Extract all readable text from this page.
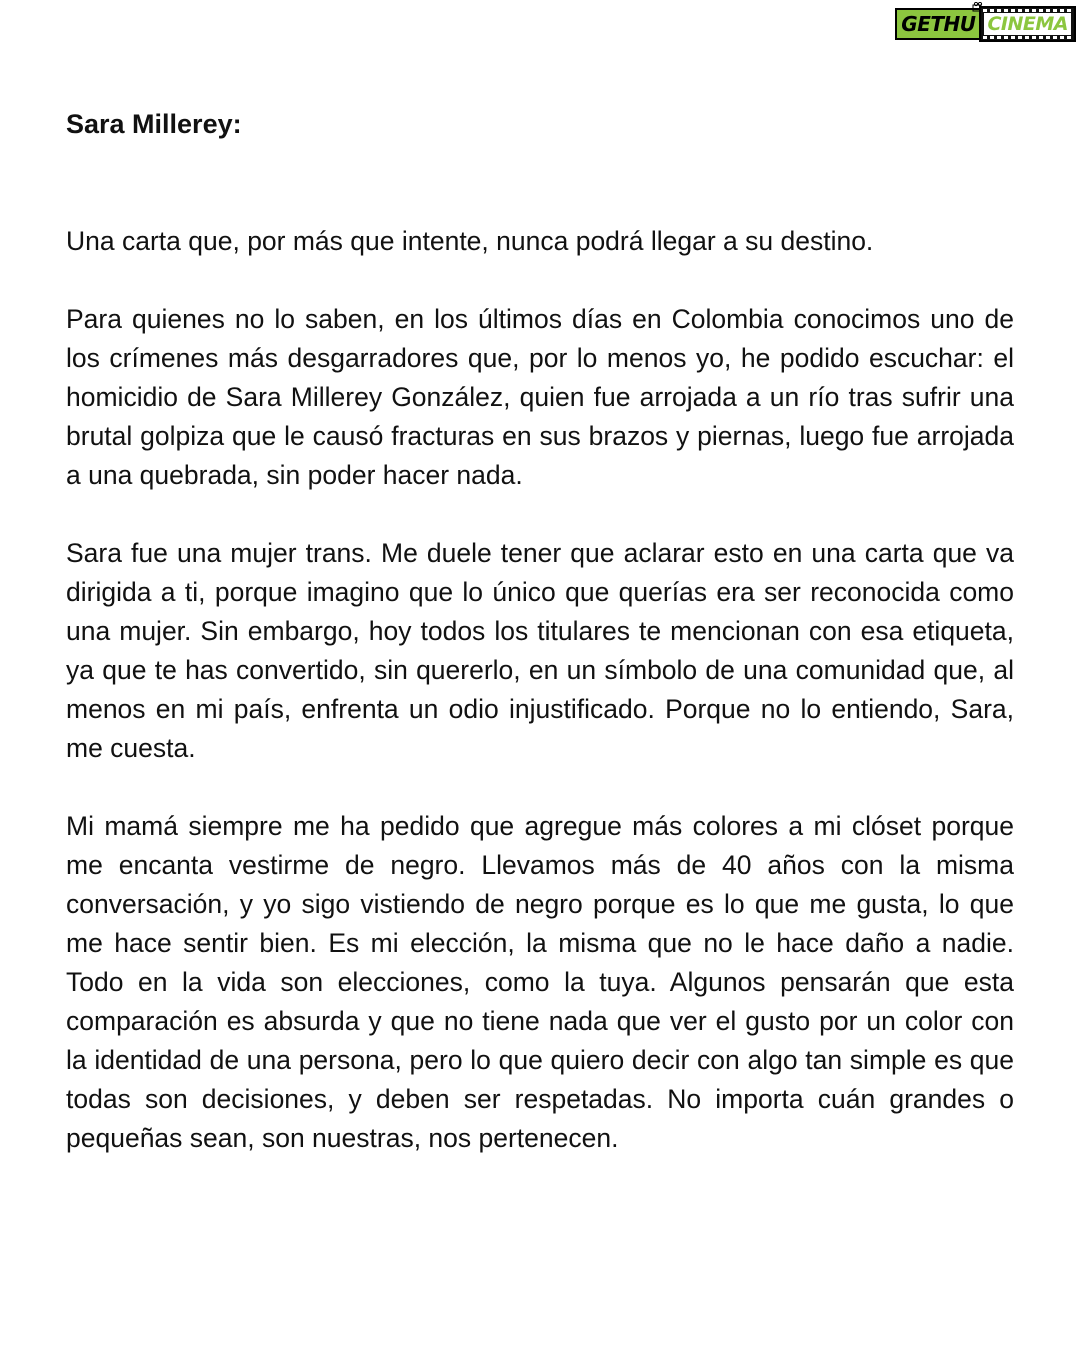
GETHU CINEMA
Sara Millerey:

Una carta que, por más que intente, nunca podrá llegar a su destino.

Para quienes no lo saben, en los últimos días en Colombia conocimos uno de los crímenes más desgarradores que, por lo menos yo, he podido escuchar: el homicidio de Sara Millerey González, quien fue arrojada a un río tras sufrir una brutal golpiza que le causó fracturas en sus brazos y piernas, luego fue arrojada a una quebrada, sin poder hacer nada.

Sara fue una mujer trans. Me duele tener que aclarar esto en una carta que va dirigida a ti, porque imagino que lo único que querías era ser reconocida como una mujer. Sin embargo, hoy todos los titulares te mencionan con esa etiqueta, ya que te has convertido, sin quererlo, en un símbolo de una comunidad que, al menos en mi país, enfrenta un odio injustificado. Porque no lo entiendo, Sara, me cuesta.

Mi mamá siempre me ha pedido que agregue más colores a mi clóset porque me encanta vestirme de negro. Llevamos más de 40 años con la misma conversación, y yo sigo vistiendo de negro porque es lo que me gusta, lo que me hace sentir bien. Es mi elección, la misma que no le hace daño a nadie. Todo en la vida son elecciones, como la tuya. Algunos pensarán que esta comparación es absurda y que no tiene nada que ver el gusto por un color con la identidad de una persona, pero lo que quiero decir con algo tan simple es que todas son decisiones, y deben ser respetadas. No importa cuán grandes o pequeñas sean, son nuestras, nos pertenecen.
